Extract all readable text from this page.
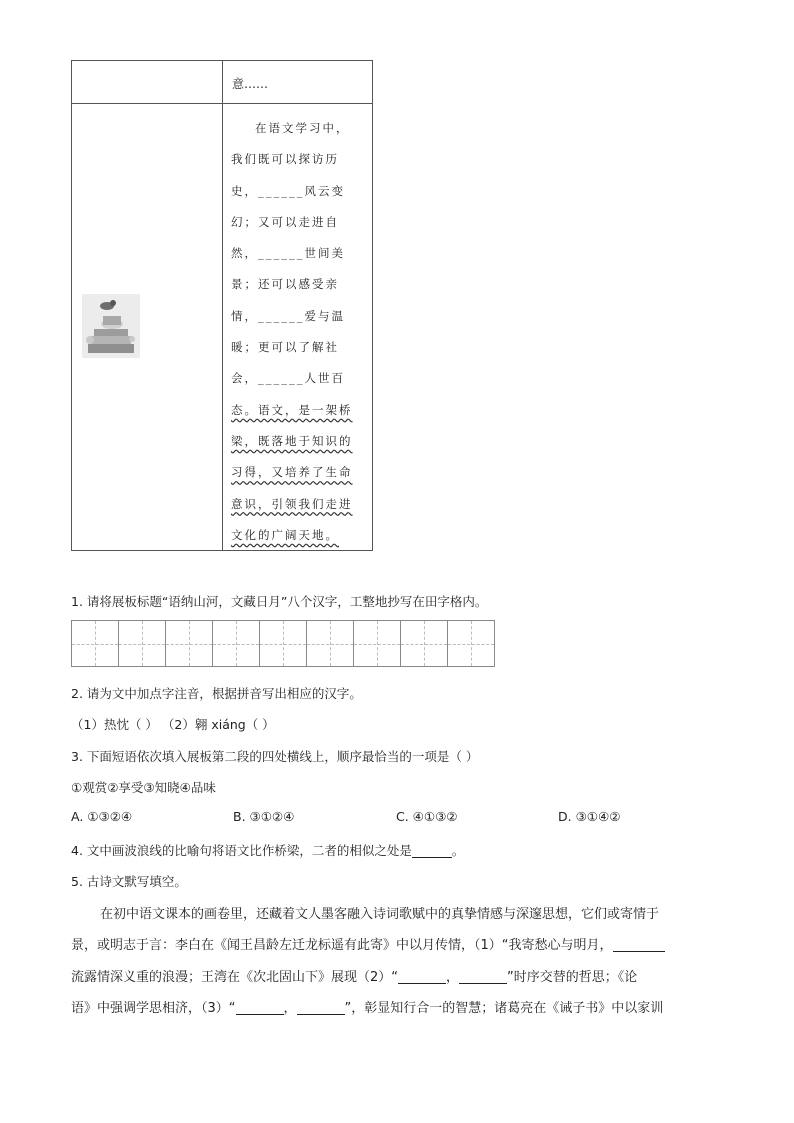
意……
在语文学习中，
我们既可以探访历
史，______风云变
幻；又可以走进自
然，______世间美
景；还可以感受亲
情，______爱与温
暖；更可以了解社
会，______人世百
态。语文，是一架桥
梁，既落地于知识的
习得，又培养了生命
意识，引领我们走进
文化的广阔天地。
1. 请将展板标题“语纳山河，文藏日月”八个汉字，工整地抄写在田字格内。
2. 请为文中加点字注音，根据拼音写出相应的汉字。
（1）热忱（ ） （2）翱 xiáng（ ）
3. 下面短语依次填入展板第二段的四处横线上，顺序最恰当的一项是（ ）
①观赏②享受③知晓④品味
A. ①③②④	B. ③①②④	C. ④①③②	D. ③①④②
4. 文中画波浪线的比喻句将语文比作桥梁，二者的相似之处是	。
5. 古诗文默写填空。
在初中语文课本的画卷里，还藏着文人墨客融入诗词歌赋中的真挚情感与深邃思想，它们或寄情于
景，或明志于言：李白在《闻王昌龄左迁龙标遥有此寄》中以月传情，（1）“我寄愁心与明月，
流露情深义重的浪漫；王湾在《次北固山下》展现（2）“	，	”时序交替的哲思；《论
语》中强调学思相济，（3）“	，	”，彰显知行合一的智慧；诸葛亮在《诫子书》中以家训
